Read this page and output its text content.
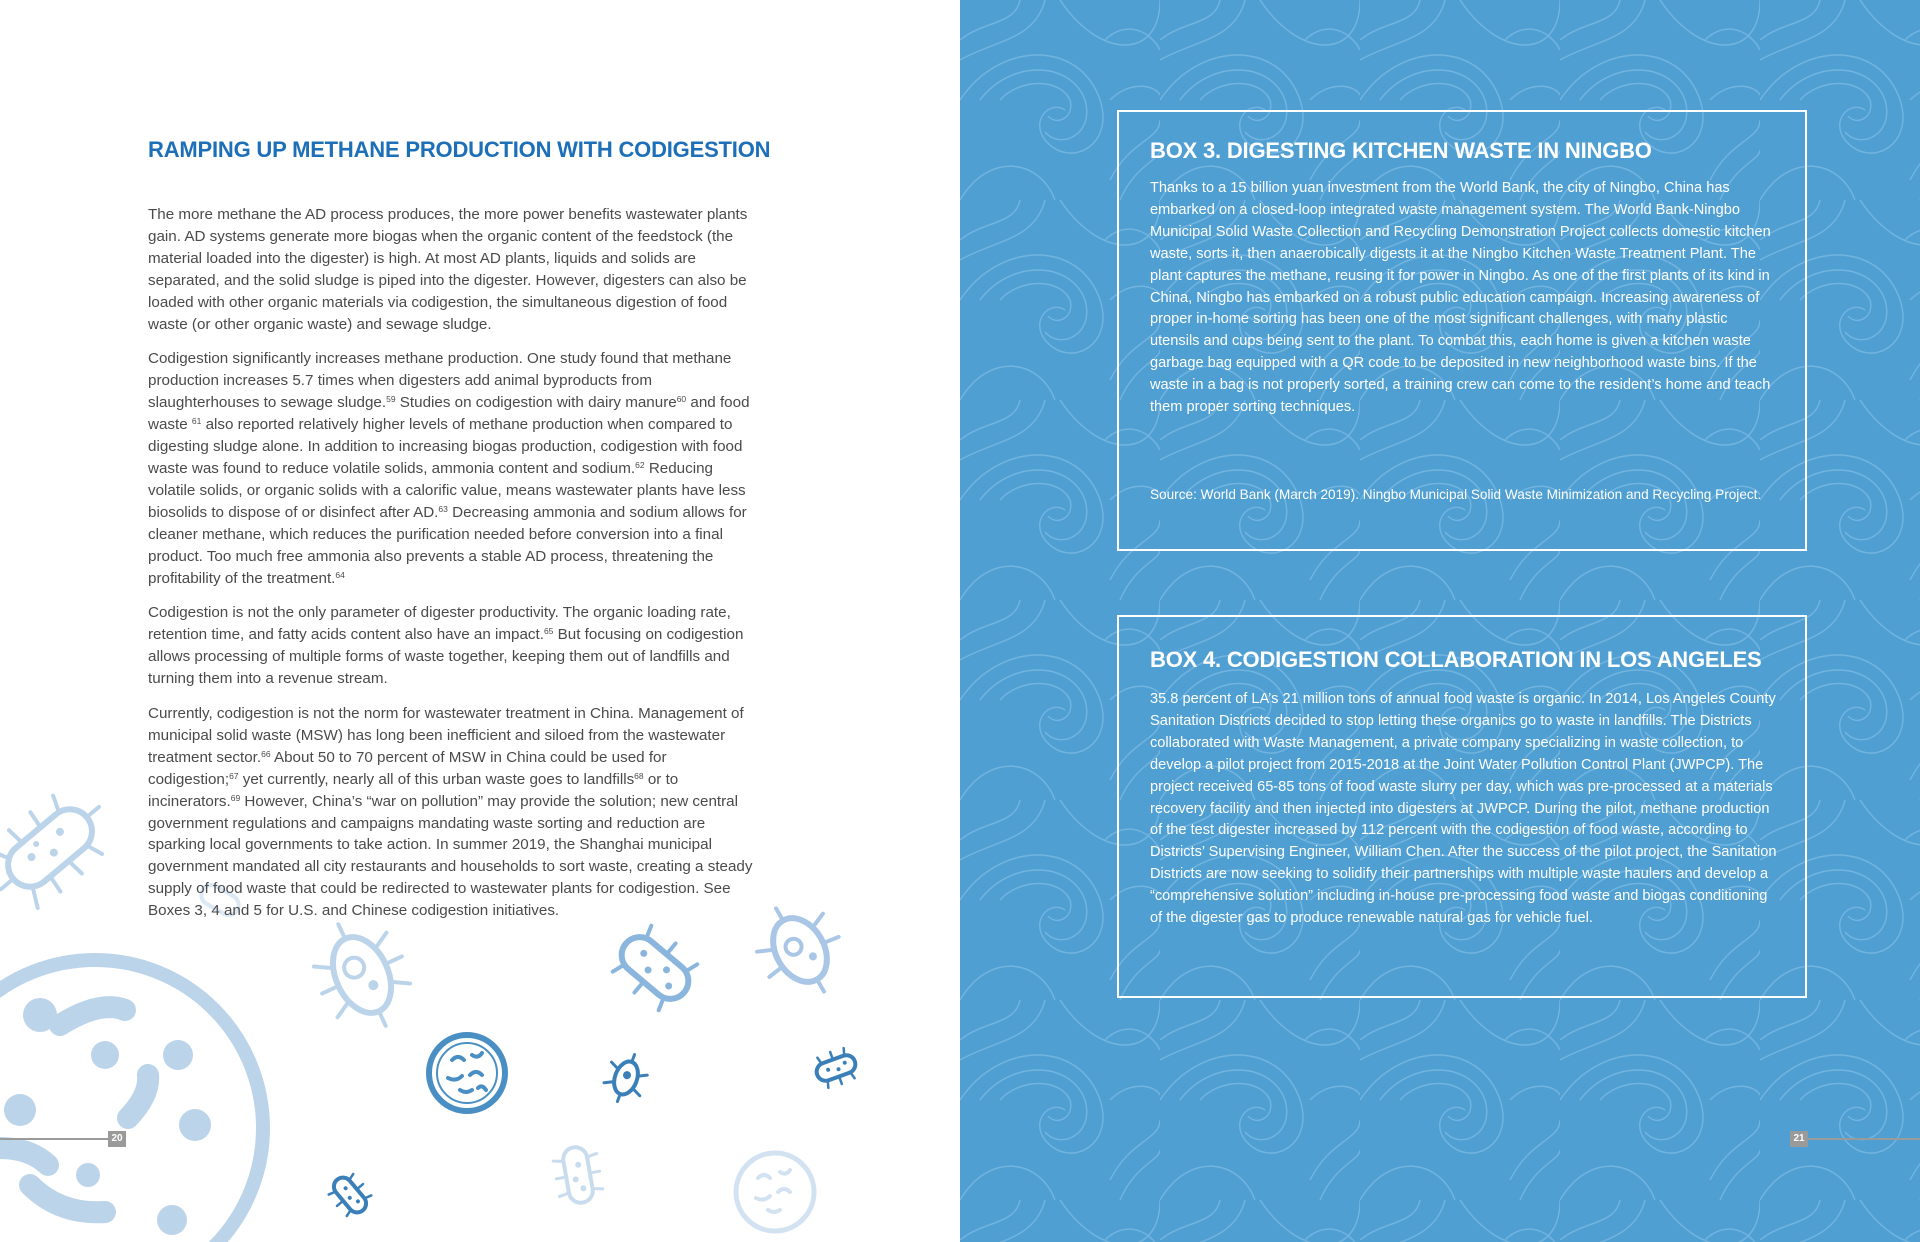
RAMPING UP METHANE PRODUCTION WITH CODIGESTION

The more methane the AD process produces, the more power benefits wastewater plants gain. AD systems generate more biogas when the organic content of the feedstock (the material loaded into the digester) is high. At most AD plants, liquids and solids are separated, and the solid sludge is piped into the digester. However, digesters can also be loaded with other organic materials via codigestion, the simultaneous digestion of food waste (or other organic waste) and sewage sludge.

Codigestion significantly increases methane production. One study found that methane production increases 5.7 times when digesters add animal byproducts from slaughterhouses to sewage sludge.$^{59}$ Studies on codigestion with dairy manure$^{60}$ and food waste $^{61}$ also reported relatively higher levels of methane production when compared to digesting sludge alone. In addition to increasing biogas production, codigestion with food waste was found to reduce volatile solids, ammonia content and sodium.$^{62}$ Reducing volatile solids, or organic solids with a calorific value, means wastewater plants have less biosolids to dispose of or disinfect after AD.$^{63}$ Decreasing ammonia and sodium allows for cleaner methane, which reduces the purification needed before conversion into a final product. Too much free ammonia also prevents a stable AD process, threatening the profitability of the treatment.$^{64}$

Codigestion is not the only parameter of digester productivity. The organic loading rate, retention time, and fatty acids content also have an impact.$^{65}$ But focusing on codigestion allows processing of multiple forms of waste together, keeping them out of landfills and turning them into a revenue stream.

Currently, codigestion is not the norm for wastewater treatment in China. Management of municipal solid waste (MSW) has long been inefficient and siloed from the wastewater treatment sector.$^{66}$ About 50 to 70 percent of MSW in China could be used for codigestion;$^{67}$ yet currently, nearly all of this urban waste goes to landfills$^{68}$ or to incinerators.$^{69}$ However, China’s “war on pollution” may provide the solution; new central government regulations and campaigns mandating waste sorting and reduction are sparking local governments to take action. In summer 2019, the Shanghai municipal government mandated all city restaurants and households to sort waste, creating a steady supply of food waste that could be redirected to wastewater plants for codigestion. See Boxes 3, 4 and 5 for U.S. and Chinese codigestion initiatives.

20	21
BOX 3. DIGESTING KITCHEN WASTE IN NINGBO
Thanks to a 15 billion yuan investment from the World Bank, the city of Ningbo, China has embarked on a closed-loop integrated waste management system. The World Bank-Ningbo Municipal Solid Waste Collection and Recycling Demonstration Project collects domestic kitchen waste, sorts it, then anaerobically digests it at the Ningbo Kitchen Waste Treatment Plant. The plant captures the methane, reusing it for power in Ningbo. As one of the first plants of its kind in China, Ningbo has embarked on a robust public education campaign. Increasing awareness of proper in-home sorting has been one of the most significant challenges, with many plastic utensils and cups being sent to the plant. To combat this, each home is given a kitchen waste garbage bag equipped with a QR code to be deposited in new neighborhood waste bins. If the waste in a bag is not properly sorted, a training crew can come to the resident’s home and teach them proper sorting techniques.
Source: World Bank (March 2019). Ningbo Municipal Solid Waste Minimization and Recycling Project.
BOX 4. CODIGESTION COLLABORATION IN LOS ANGELES
35.8 percent of LA’s 21 million tons of annual food waste is organic. In 2014, Los Angeles County Sanitation Districts decided to stop letting these organics go to waste in landfills. The Districts collaborated with Waste Management, a private company specializing in waste collection, to develop a pilot project from 2015-2018 at the Joint Water Pollution Control Plant (JWPCP). The project received 65-85 tons of food waste slurry per day, which was pre-processed at a materials recovery facility and then injected into digesters at JWPCP. During the pilot, methane production of the test digester increased by 112 percent with the codigestion of food waste, according to Districts’ Supervising Engineer, William Chen. After the success of the pilot project, the Sanitation Districts are now seeking to solidify their partnerships with multiple waste haulers and develop a “comprehensive solution” including in-house pre-processing food waste and biogas conditioning of the digester gas to produce renewable natural gas for vehicle fuel.
